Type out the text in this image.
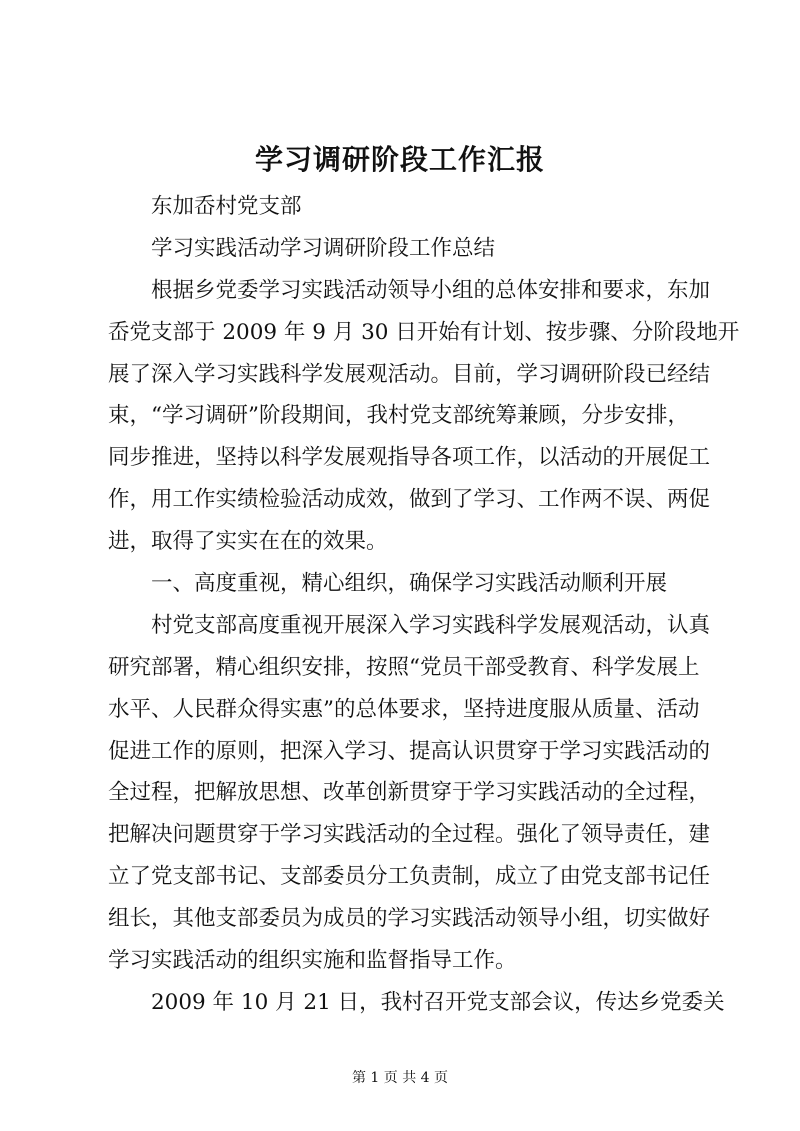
学习调研阶段工作汇报
东加岙村党支部
学习实践活动学习调研阶段工作总结
根据乡党委学习实践活动领导小组的总体安排和要求，东加
岙党支部于 2009 年 9 月 30 日开始有计划、按步骤、分阶段地开
展了深入学习实践科学发展观活动。目前，学习调研阶段已经结
束，“学习调研”阶段期间，我村党支部统筹兼顾，分步安排，
同步推进，坚持以科学发展观指导各项工作，以活动的开展促工
作，用工作实绩检验活动成效，做到了学习、工作两不误、两促
进，取得了实实在在的效果。
一、高度重视，精心组织，确保学习实践活动顺利开展
村党支部高度重视开展深入学习实践科学发展观活动，认真
研究部署，精心组织安排，按照“党员干部受教育、科学发展上
水平、人民群众得实惠”的总体要求，坚持进度服从质量、活动
促进工作的原则，把深入学习、提高认识贯穿于学习实践活动的
全过程，把解放思想、改革创新贯穿于学习实践活动的全过程，
把解决问题贯穿于学习实践活动的全过程。强化了领导责任，建
立了党支部书记、支部委员分工负责制，成立了由党支部书记任
组长，其他支部委员为成员的学习实践活动领导小组，切实做好
学习实践活动的组织实施和监督指导工作。
2009 年 10 月 21 日，我村召开党支部会议，传达乡党委关
第 1 页 共 4 页
